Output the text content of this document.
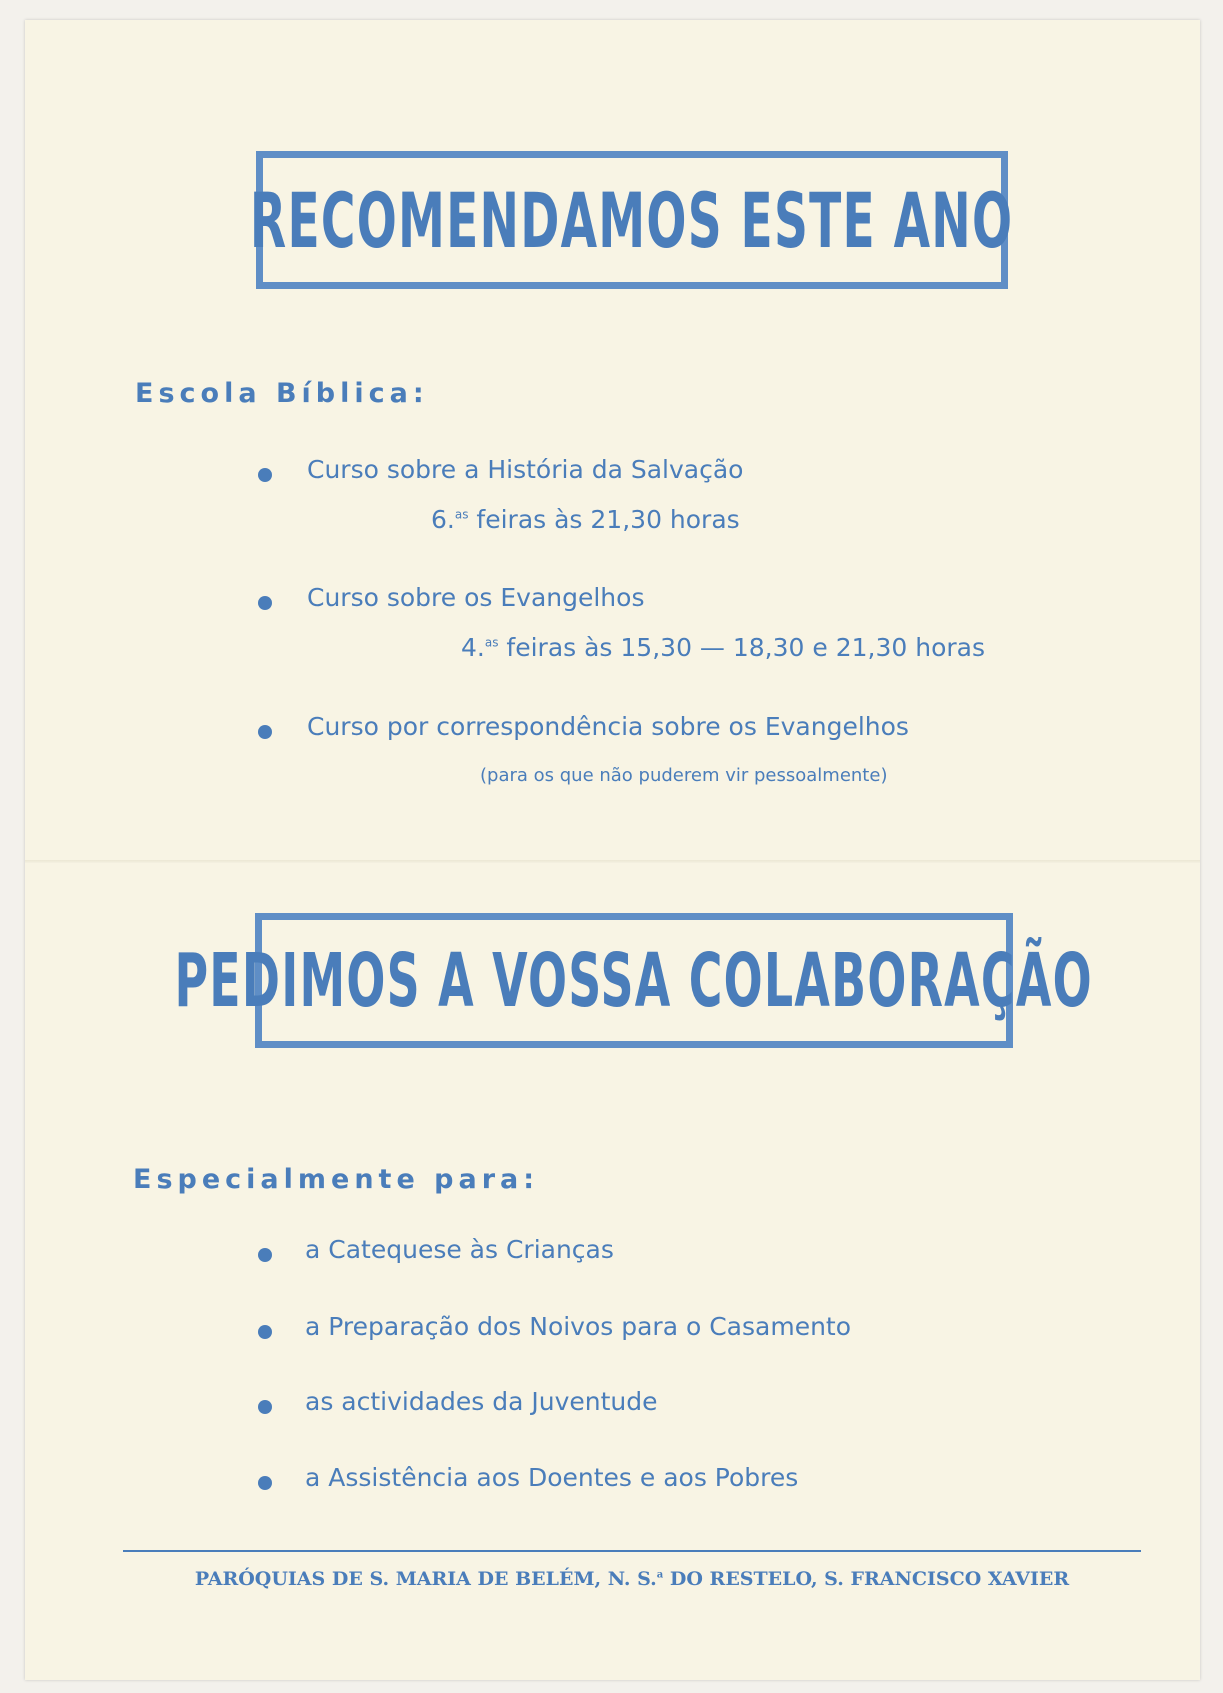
RECOMENDAMOS ESTE ANO
Escola Bíblica:
Curso sobre a História da Salvação
6.$^{as}$ feiras às 21,30 horas
Curso sobre os Evangelhos
4.$^{as}$ feiras às 15,30 — 18,30 e 21,30 horas
Curso por correspondência sobre os Evangelhos
(para os que não puderem vir pessoalmente)
PEDIMOS A VOSSA COLABORAÇÃO
Especialmente para:
a Catequese às Crianças
a Preparação dos Noivos para o Casamento
as actividades da Juventude
a Assistência aos Doentes e aos Pobres
PARÓQUIAS DE S. MARIA DE BELÉM, N. S.$^a$ DO RESTELO, S. FRANCISCO XAVIER
